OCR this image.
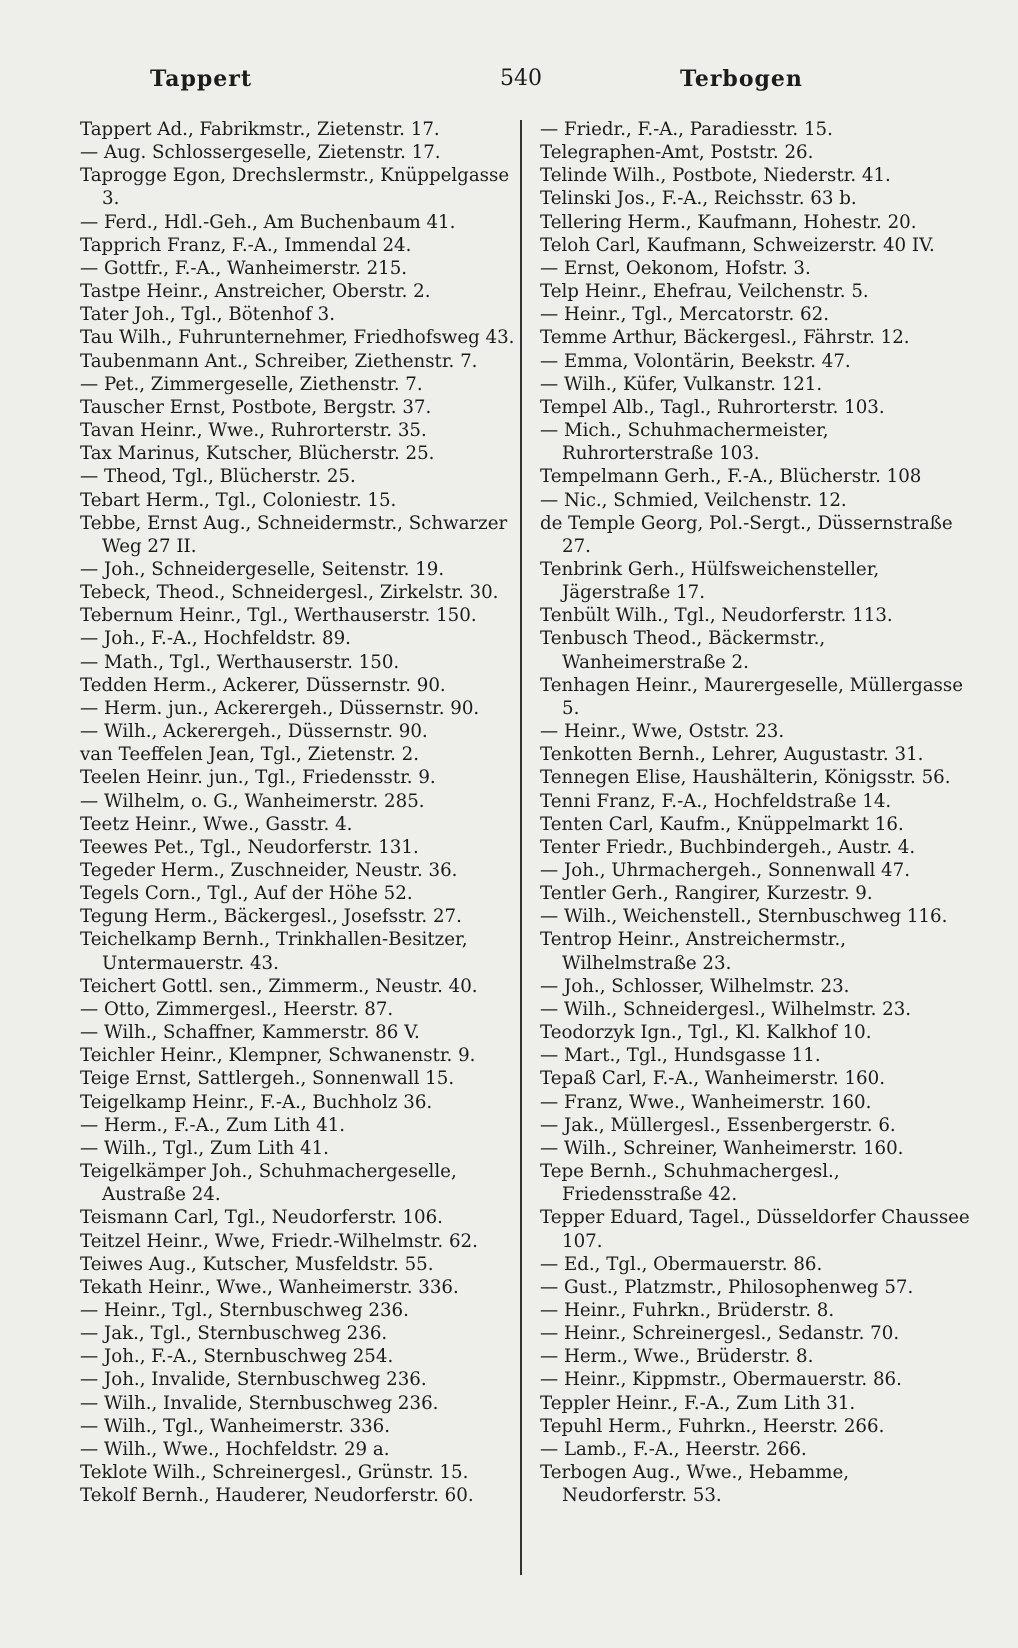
Tappert	540	Terbogen
Tappert Ad., Fabrikmstr., Zietenstr. 17.
— Aug. Schlossergeselle, Zietenstr. 17.
Taprogge Egon, Drechslermstr., Knüppelgasse 3.
— Ferd., Hdl.-Geh., Am Buchenbaum 41.
Tapprich Franz, F.-A., Immendal 24.
— Gottfr., F.-A., Wanheimerstr. 215.
Tastpe Heinr., Anstreicher, Oberstr. 2.
Tater Joh., Tgl., Bötenhof 3.
Tau Wilh., Fuhrunternehmer, Friedhofsweg 43.
Taubenmann Ant., Schreiber, Ziethenstr. 7.
— Pet., Zimmergeselle, Ziethenstr. 7.
Tauscher Ernst, Postbote, Bergstr. 37.
Tavan Heinr., Wwe., Ruhrorterstr. 35.
Tax Marinus, Kutscher, Blücherstr. 25.
— Theod, Tgl., Blücherstr. 25.
Tebart Herm., Tgl., Coloniestr. 15.
Tebbe, Ernst Aug., Schneidermstr., Schwarzer Weg 27 II.
— Joh., Schneidergeselle, Seitenstr. 19.
Tebeck, Theod., Schneidergesl., Zirkelstr. 30.
Tebernum Heinr., Tgl., Werthauserstr. 150.
— Joh., F.-A., Hochfeldstr. 89.
— Math., Tgl., Werthauserstr. 150.
Tedden Herm., Ackerer, Düssernstr. 90.
— Herm. jun., Ackerergeh., Düssernstr. 90.
— Wilh., Ackerergeh., Düssernstr. 90.
van Teeffelen Jean, Tgl., Zietenstr. 2.
Teelen Heinr. jun., Tgl., Friedensstr. 9.
— Wilhelm, o. G., Wanheimerstr. 285.
Teetz Heinr., Wwe., Gasstr. 4.
Teewes Pet., Tgl., Neudorferstr. 131.
Tegeder Herm., Zuschneider, Neustr. 36.
Tegels Corn., Tgl., Auf der Höhe 52.
Tegung Herm., Bäckergesl., Josefsstr. 27.
Teichelkamp Bernh., Trinkhallen-Besitzer, Untermauerstr. 43.
Teichert Gottl. sen., Zimmerm., Neustr. 40.
— Otto, Zimmergesl., Heerstr. 87.
— Wilh., Schaffner, Kammerstr. 86 V.
Teichler Heinr., Klempner, Schwanenstr. 9.
Teige Ernst, Sattlergeh., Sonnenwall 15.
Teigelkamp Heinr., F.-A., Buchholz 36.
— Herm., F.-A., Zum Lith 41.
— Wilh., Tgl., Zum Lith 41.
Teigelkämper Joh., Schuhmachergeselle, Austraße 24.
Teismann Carl, Tgl., Neudorferstr. 106.
Teitzel Heinr., Wwe, Friedr.-Wilhelmstr. 62.
Teiwes Aug., Kutscher, Musfeldstr. 55.
Tekath Heinr., Wwe., Wanheimerstr. 336.
— Heinr., Tgl., Sternbuschweg 236.
— Jak., Tgl., Sternbuschweg 236.
— Joh., F.-A., Sternbuschweg 254.
— Joh., Invalide, Sternbuschweg 236.
— Wilh., Invalide, Sternbuschweg 236.
— Wilh., Tgl., Wanheimerstr. 336.
— Wilh., Wwe., Hochfeldstr. 29 a.
Teklote Wilh., Schreinergesl., Grünstr. 15.
Tekolf Bernh., Hauderer, Neudorferstr. 60.
— Friedr., F.-A., Paradiesstr. 15.
Telegraphen-Amt, Poststr. 26.
Telinde Wilh., Postbote, Niederstr. 41.
Telinski Jos., F.-A., Reichsstr. 63 b.
Tellering Herm., Kaufmann, Hohestr. 20.
Teloh Carl, Kaufmann, Schweizerstr. 40 IV.
— Ernst, Oekonom, Hofstr. 3.
Telp Heinr., Ehefrau, Veilchenstr. 5.
— Heinr., Tgl., Mercatorstr. 62.
Temme Arthur, Bäckergesl., Fährstr. 12.
— Emma, Volontärin, Beekstr. 47.
— Wilh., Küfer, Vulkanstr. 121.
Tempel Alb., Tagl., Ruhrorterstr. 103.
— Mich., Schuhmachermeister, Ruhrorterstraße 103.
Tempelmann Gerh., F.-A., Blücherstr. 108
— Nic., Schmied, Veilchenstr. 12.
de Temple Georg, Pol.-Sergt., Düssernstraße 27.
Tenbrink Gerh., Hülfsweichensteller, Jägerstraße 17.
Tenbült Wilh., Tgl., Neudorferstr. 113.
Tenbusch Theod., Bäckermstr., Wanheimerstraße 2.
Tenhagen Heinr., Maurergeselle, Müllergasse 5.
— Heinr., Wwe, Oststr. 23.
Tenkotten Bernh., Lehrer, Augustastr. 31.
Tennegen Elise, Haushälterin, Königsstr. 56.
Tenni Franz, F.-A., Hochfeldstraße 14.
Tenten Carl, Kaufm., Knüppelmarkt 16.
Tenter Friedr., Buchbindergeh., Austr. 4.
— Joh., Uhrmachergeh., Sonnenwall 47.
Tentler Gerh., Rangirer, Kurzestr. 9.
— Wilh., Weichenstell., Sternbuschweg 116.
Tentrop Heinr., Anstreichermstr., Wilhelmstraße 23.
— Joh., Schlosser, Wilhelmstr. 23.
— Wilh., Schneidergesl., Wilhelmstr. 23.
Teodorzyk Ign., Tgl., Kl. Kalkhof 10.
— Mart., Tgl., Hundsgasse 11.
Tepaß Carl, F.-A., Wanheimerstr. 160.
— Franz, Wwe., Wanheimerstr. 160.
— Jak., Müllergesl., Essenbergerstr. 6.
— Wilh., Schreiner, Wanheimerstr. 160.
Tepe Bernh., Schuhmachergesl., Friedensstraße 42.
Tepper Eduard, Tagel., Düsseldorfer Chaussee 107.
— Ed., Tgl., Obermauerstr. 86.
— Gust., Platzmstr., Philosophenweg 57.
— Heinr., Fuhrkn., Brüderstr. 8.
— Heinr., Schreinergesl., Sedanstr. 70.
— Herm., Wwe., Brüderstr. 8.
— Heinr., Kippmstr., Obermauerstr. 86.
Teppler Heinr., F.-A., Zum Lith 31.
Tepuhl Herm., Fuhrkn., Heerstr. 266.
— Lamb., F.-A., Heerstr. 266.
Terbogen Aug., Wwe., Hebamme, Neudorferstr. 53.
